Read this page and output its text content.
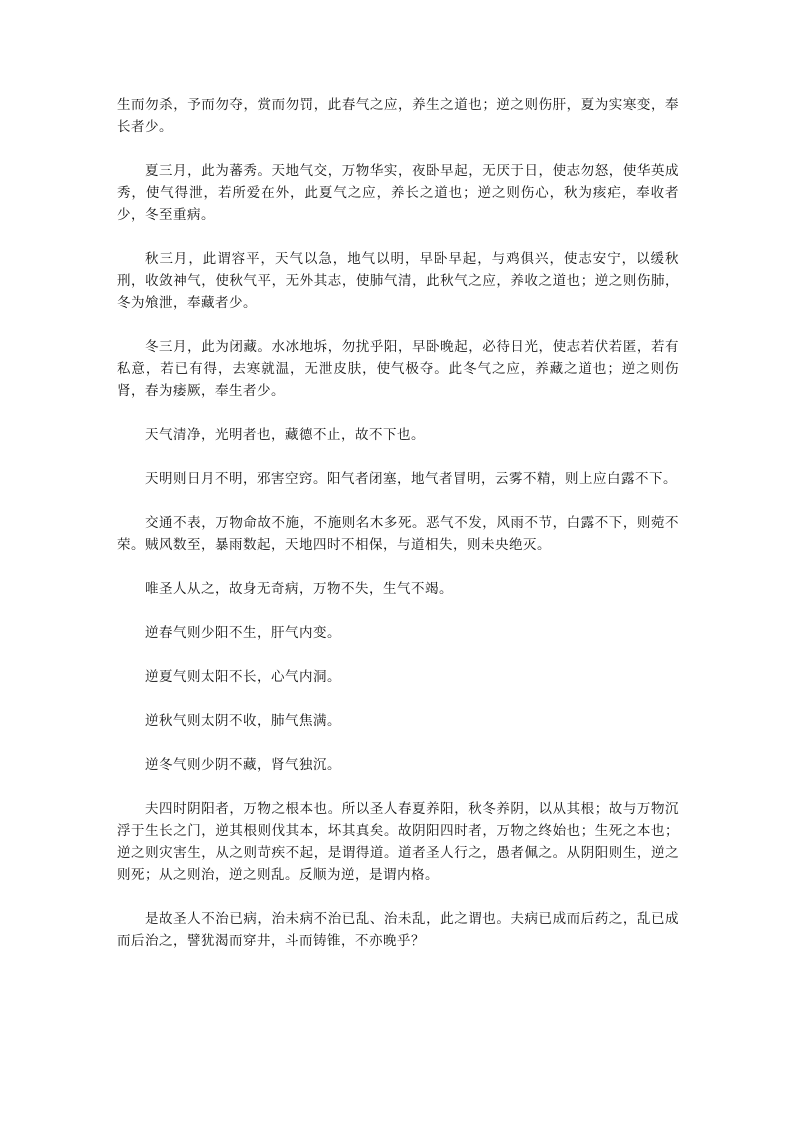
生而勿杀，予而勿夺，赏而勿罚，此春气之应，养生之道也；逆之则伤肝，夏为实寒变，奉长者少。

夏三月，此为蕃秀。天地气交，万物华实，夜卧早起，无厌于日，使志勿怒，使华英成秀，使气得泄，若所爱在外，此夏气之应，养长之道也；逆之则伤心，秋为痎疟，奉收者少，冬至重病。

秋三月，此谓容平，天气以急，地气以明，早卧早起，与鸡俱兴，使志安宁，以缓秋刑，收敛神气，使秋气平，无外其志，使肺气清，此秋气之应，养收之道也；逆之则伤肺，冬为飧泄，奉藏者少。

冬三月，此为闭藏。水冰地坼，勿扰乎阳，早卧晚起，必待日光，使志若伏若匿，若有私意，若已有得，去寒就温，无泄皮肤，使气极夺。此冬气之应，养藏之道也；逆之则伤肾，春为痿厥，奉生者少。

天气清净，光明者也，藏德不止，故不下也。

天明则日月不明，邪害空窍。阳气者闭塞，地气者冒明，云雾不精，则上应白露不下。

交通不表，万物命故不施，不施则名木多死。恶气不发，风雨不节，白露不下，则菀不荣。贼风数至，暴雨数起，天地四时不相保，与道相失，则未央绝灭。

唯圣人从之，故身无奇病，万物不失，生气不竭。

逆春气则少阳不生，肝气内变。

逆夏气则太阳不长，心气内洞。

逆秋气则太阴不收，肺气焦满。

逆冬气则少阴不藏，肾气独沉。

夫四时阴阳者，万物之根本也。所以圣人春夏养阳，秋冬养阴，以从其根；故与万物沉浮于生长之门，逆其根则伐其本，坏其真矣。故阴阳四时者，万物之终始也；生死之本也；逆之则灾害生，从之则苛疾不起，是谓得道。道者圣人行之，愚者佩之。从阴阳则生，逆之则死；从之则治，逆之则乱。反顺为逆，是谓内格。

是故圣人不治已病，治未病不治已乱、治未乱，此之谓也。夫病已成而后药之，乱已成而后治之，譬犹渴而穿井，斗而铸锥，不亦晚乎？
